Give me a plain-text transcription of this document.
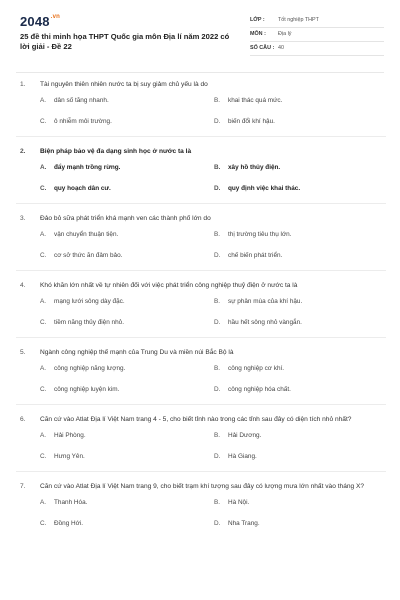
$2048^{.vn}$
25 đề thi minh họa THPT Quốc gia môn Địa lí năm 2022 có lời giải - Đề 22
LỚP :	Tốt nghiệp THPT
MÔN :	Địa lý
SỐ CÂU : 40
1.	Tài nguyên thiên nhiên nước ta bị suy giảm chủ yếu là do
A.	dân số tăng nhanh.	B.	khai thác quá mức.
C.	ô nhiễm môi trường.	D.	biến đổi khí hậu.
2.	Biện pháp bảo vệ đa dạng sinh học ở nước ta là
A.	đẩy mạnh trồng rừng.	B.	xây hồ thủy điện.
C.	quy hoạch dân cư.	D.	quy định việc khai thác.
3.	Đảo bỏ sữa phát triển khá mạnh ven các thành phố lớn do
A.	vận chuyển thuận tiện.	B.	thị trường tiêu thụ lớn.
C.	cơ sở thức ăn đảm bảo.	D.	chế biến phát triển.
4.	Khó khăn lớn nhất về tự nhiên đối với việc phát triển công nghiệp thuỷ điện ở nước ta là
A.	mạng lưới sông dày đặc.	B.	sự phân mùa của khí hậu.
C.	tiềm năng thủy điện nhỏ.	D.	hầu hết sông nhỏ vàngắn.
5.	Ngành công nghiệp thế mạnh của Trung Du và miền núi Bắc Bộ là
A.	công nghiệp năng lượng.	B.	công nghiệp cơ khí.
C.	công nghiệp luyện kim.	D.	công nghiệp hóa chất.
6.	Căn cứ vào Atlat Địa lí Việt Nam trang 4 - 5, cho biết tỉnh nào trong các tỉnh sau đây có diện tích nhỏ nhất?
A.	Hải Phòng.	B.	Hải Dương.
C.	Hưng Yên.	D.	Hà Giang.
7.	Căn cứ vào Atlat Địa lí Việt Nam trang 9, cho biết trạm khí tượng sau đây có lượng mưa lớn nhất vào tháng X?
A.	Thanh Hóa.	B.	Hà Nội.
C.	Đồng Hới.	D.	Nha Trang.
